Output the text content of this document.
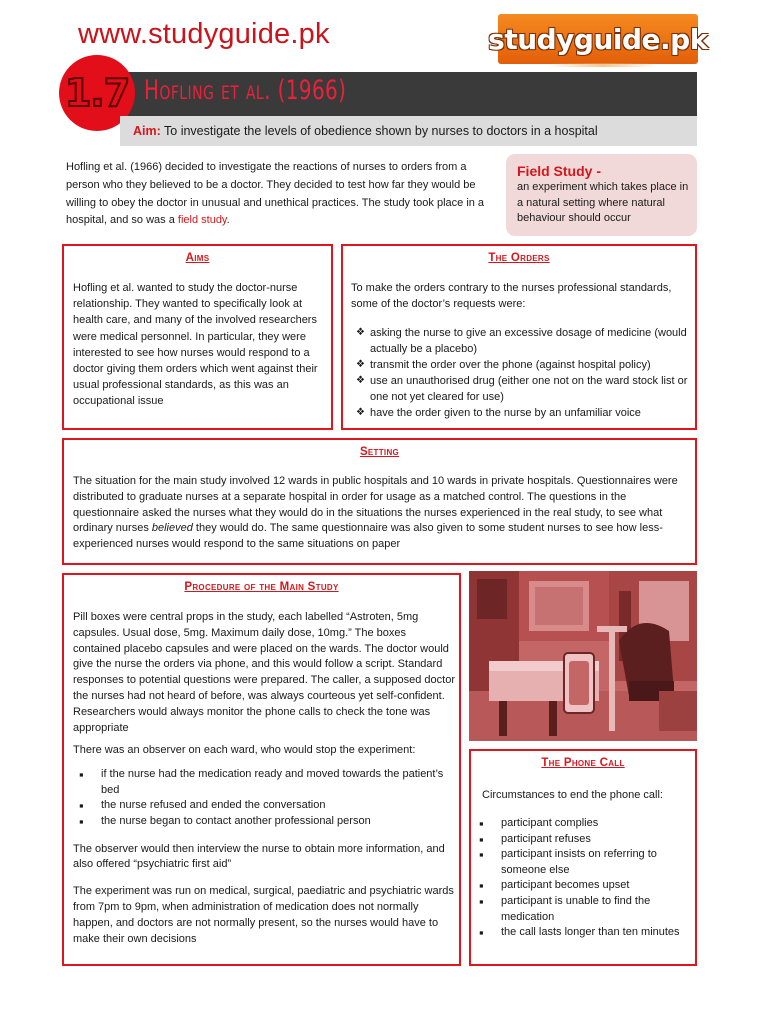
www.studyguide.pk	studyguide.pk
Hofling et al. (1966)
1.7
Aim: To investigate the levels of obedience shown by nurses to doctors in a hospital

Hofling et al. (1966) decided to investigate the reactions of nurses to orders from a person who they believed to be a doctor. They decided to test how far they would be willing to obey the doctor in unusual and unethical practices. The study took place in a hospital, and so was a field study.

Field Study -
an experiment which takes place in a natural setting where natural behaviour should occur
Aims
Hofling et al. wanted to study the doctor-nurse relationship. They wanted to specifically look at health care, and many of the involved researchers were medical personnel. In particular, they were interested to see how nurses would respond to a doctor giving them orders which went against their usual professional standards, as this was an occupational issue
The Orders
To make the orders contrary to the nurses professional standards, some of the doctor’s requests were:
❖ asking the nurse to give an excessive dosage of medicine (would actually be a placebo)
❖ transmit the order over the phone (against hospital policy)
❖ use an unauthorised drug (either one not on the ward stock list or one not yet cleared for use)
❖ have the order given to the nurse by an unfamiliar voice
Setting

The situation for the main study involved 12 wards in public hospitals and 10 wards in private hospitals. Questionnaires were distributed to graduate nurses at a separate hospital in order for usage as a matched control. The questions in the questionnaire asked the nurses what they would do in the situations the nurses experienced in the real study, to see what ordinary nurses believed they would do. The same questionnaire was also given to some student nurses to see how less-experienced nurses would respond to the same situations on paper

Procedure of the Main Study

Pill boxes were central props in the study, each labelled “Astroten, 5mg capsules. Usual dose, 5mg. Maximum daily dose, 10mg.” The boxes contained placebo capsules and were placed on the wards. The doctor would give the nurse the orders via phone, and this would follow a script. Standard responses to potential questions were prepared. The caller, a supposed doctor the nurses had not heard of before, was always courteous yet self-confident. Researchers would always monitor the phone calls to check the tone was appropriate

There was an observer on each ward, who would stop the experiment:

▪ if the nurse had the medication ready and moved towards the patient’s bed
▪ the nurse refused and ended the conversation
▪ the nurse began to contact another professional person

The observer would then interview the nurse to obtain more information, and also offered “psychiatric first aid”

The experiment was run on medical, surgical, paediatric and psychiatric wards from 7pm to 9pm, when administration of medication does not normally happen, and doctors are not normally present, so the nurses would have to make their own decisions

The Phone Call
Circumstances to end the phone call:
▪ participant complies
▪ participant refuses
▪ participant insists on referring to someone else
▪ participant becomes upset
▪ participant is unable to find the medication
▪ the call lasts longer than ten minutes
